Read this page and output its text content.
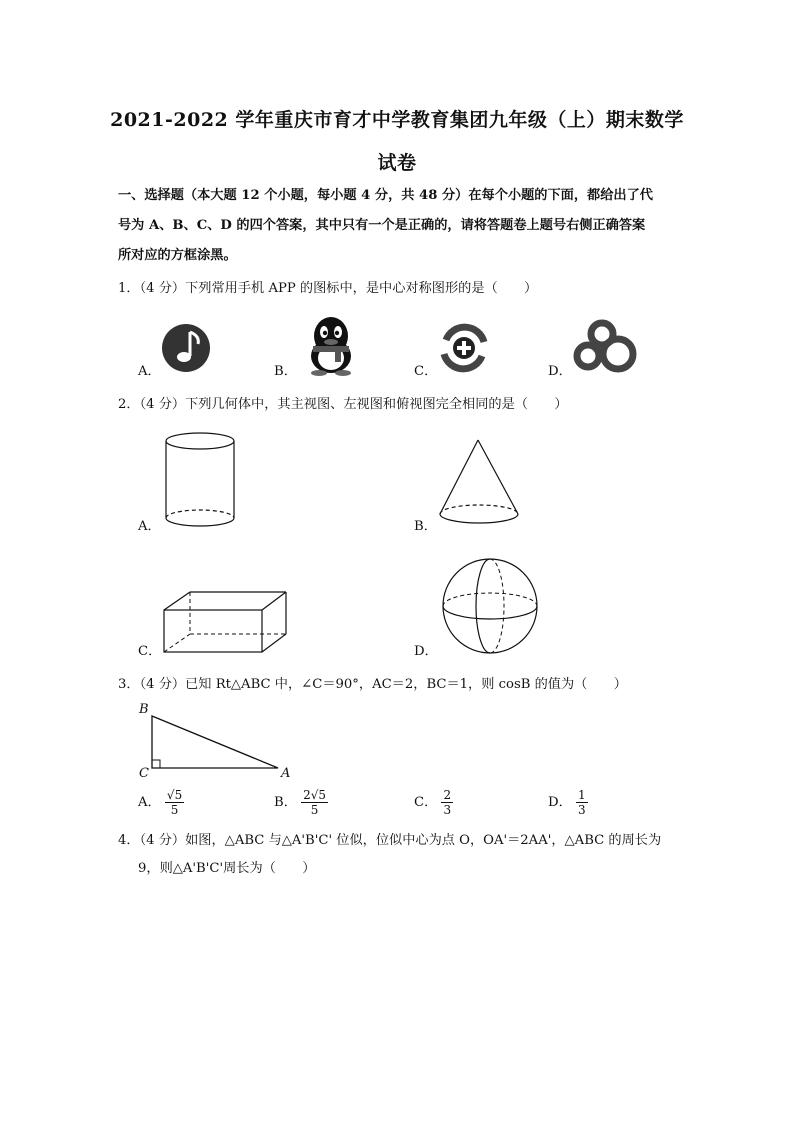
2021-2022 学年重庆市育才中学教育集团九年级（上）期末数学
试卷
一、选择题（本大题 12 个小题，每小题 4 分，共 48 分）在每个小题的下面，都给出了代
号为 A、B、C、D 的四个答案，其中只有一个是正确的，请将答题卷上题号右侧正确答案
所对应的方框涂黑。
1．（4 分）下列常用手机 APP 的图标中，是中心对称图形的是（　　）
A．	B．	C．	D．
2．（4 分）下列几何体中，其主视图、左视图和俯视图完全相同的是（　　）
A．	B．
C．	D．
3．（4 分）已知 Rt△ABC 中，∠C＝90°，AC＝2，BC＝1，则 cosB 的值为（　　）
B
C	A
A． $\frac{√5}{5}$	B． $\frac{2√5}{5}$	C． $\frac{2}{3}$	D． $\frac{1}{3}$
4．（4 分）如图，△ABC 与△A'B'C' 位似，位似中心为点 O，OA'＝2AA'，△ABC 的周长为
9，则△A'B'C'周长为（　　）
